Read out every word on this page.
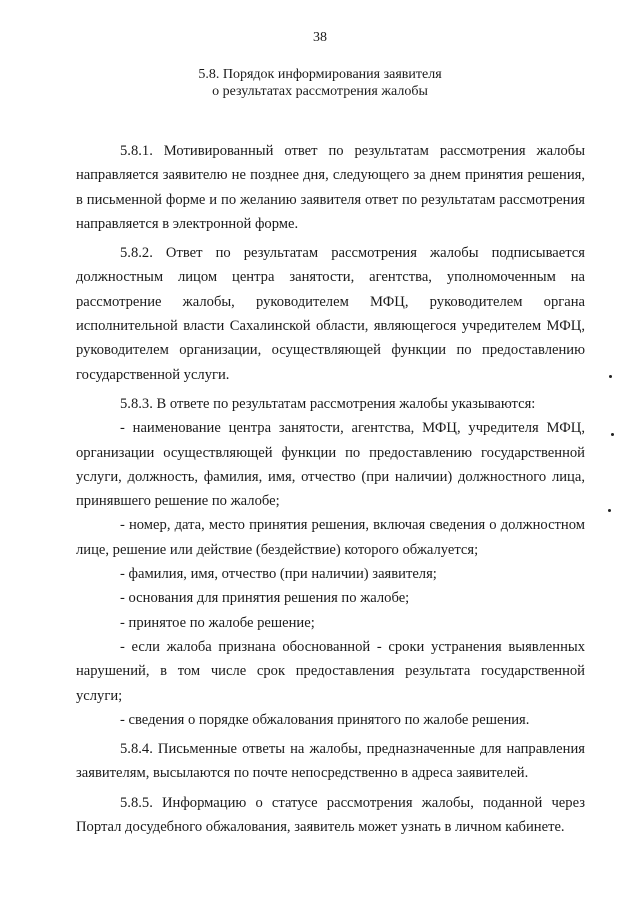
38
5.8. Порядок информирования заявителя
о результатах рассмотрения жалобы

5.8.1. Мотивированный ответ по результатам рассмотрения жалобы направляется заявителю не позднее дня, следующего за днем принятия решения, в письменной форме и по желанию заявителя ответ по результатам рассмотрения направляется в электронной форме.

5.8.2. Ответ по результатам рассмотрения жалобы подписывается должностным лицом центра занятости, агентства, уполномоченным на рассмотрение жалобы, руководителем МФЦ, руководителем органа исполнительной власти Сахалинской области, являющегося учредителем МФЦ, руководителем организации, осуществляющей функции по предоставлению государственной услуги.

5.8.3. В ответе по результатам рассмотрения жалобы указываются:

- наименование центра занятости, агентства, МФЦ, учредителя МФЦ, организации осуществляющей функции по предоставлению государственной услуги, должность, фамилия, имя, отчество (при наличии) должностного лица, принявшего решение по жалобе;

- номер, дата, место принятия решения, включая сведения о должностном лице, решение или действие (бездействие) которого обжалуется;

- фамилия, имя, отчество (при наличии) заявителя;

- основания для принятия решения по жалобе;

- принятое по жалобе решение;

- если жалоба признана обоснованной - сроки устранения выявленных нарушений, в том числе срок предоставления результата государственной услуги;

- сведения о порядке обжалования принятого по жалобе решения.

5.8.4. Письменные ответы на жалобы, предназначенные для направления заявителям, высылаются по почте непосредственно в адреса заявителей.

5.8.5. Информацию о статусе рассмотрения жалобы, поданной через Портал досудебного обжалования, заявитель может узнать в личном кабинете.
